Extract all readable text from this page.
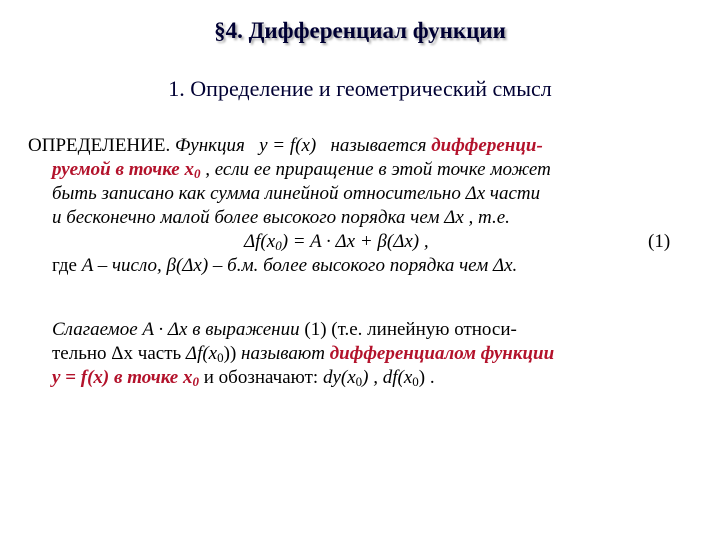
§4. Дифференциал функции
1. Определение и геометрический смысл
ОПРЕДЕЛЕНИЕ. Функция y = f(x) называется дифференци-
руемой в точке $x_0$ , если ее приращение в этой точке может
быть записано как сумма линейной относительно Δx части
и бесконечно малой более высокого порядка чем Δx , т.е.
$\Delta f(x_0) = A \cdot \Delta x + \beta(\Delta x)$ ,	(1)
где A – число, β(Δx) – б.м. более высокого порядка чем Δx.
Слагаемое A · Δx в выражении (1) (т.е. линейную относи-
тельно Δx часть $\Delta f(x_0)$) называют дифференциалом функции
y = f(x) в точке $x_0$ и обозначают: $dy(x_0)$ , $df(x_0)$ .
